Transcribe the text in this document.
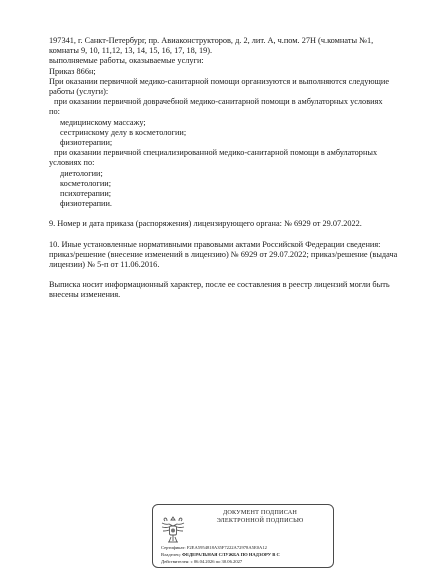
197341, г. Санкт-Петербург, пр. Авиаконструкторов, д. 2, лит. А, ч.пом. 27Н (ч.комнаты №1,
комнаты 9, 10, 11,12, 13, 14, 15, 16, 17, 18, 19).
выполняемые работы, оказываемые услуги:
Приказ 866н;
При оказании первичной медико-санитарной помощи организуются и выполняются следующие
работы (услуги):
при оказании первичной доврачебной медико-санитарной помощи в амбулаторных условиях
по:
медицинскому массажу;
сестринскому делу в косметологии;
физиотерапии;
при оказании первичной специализированной медико-санитарной помощи в амбулаторных
условиях по:
диетологии;
косметологии;
психотерапии;
физиотерапии.
9. Номер и дата приказа (распоряжения) лицензирующего органа: № 6929 от 29.07.2022.
10. Иные установленные нормативными правовыми актами Российской Федерации сведения:
приказ/решение (внесение изменений в лицензию) № 6929 от 29.07.2022; приказ/решение (выдача
лицензии) № 5-п от 11.06.2016.
Выписка носит информационный характер, после ее составления в реестр лицензий могли быть
внесены изменения.
ДОКУМЕНТ ПОДПИСАН
ЭЛЕКТРОННОЙ ПОДПИСЬЮ
Сертификат: F2EA5954818A35F7222A72978A5E0A12
Владелец: ФЕДЕРАЛЬНАЯ СЛУЖБА ПО НАДЗОРУ В С
Действителен: с 06.04.2026 по 30.06.2027
